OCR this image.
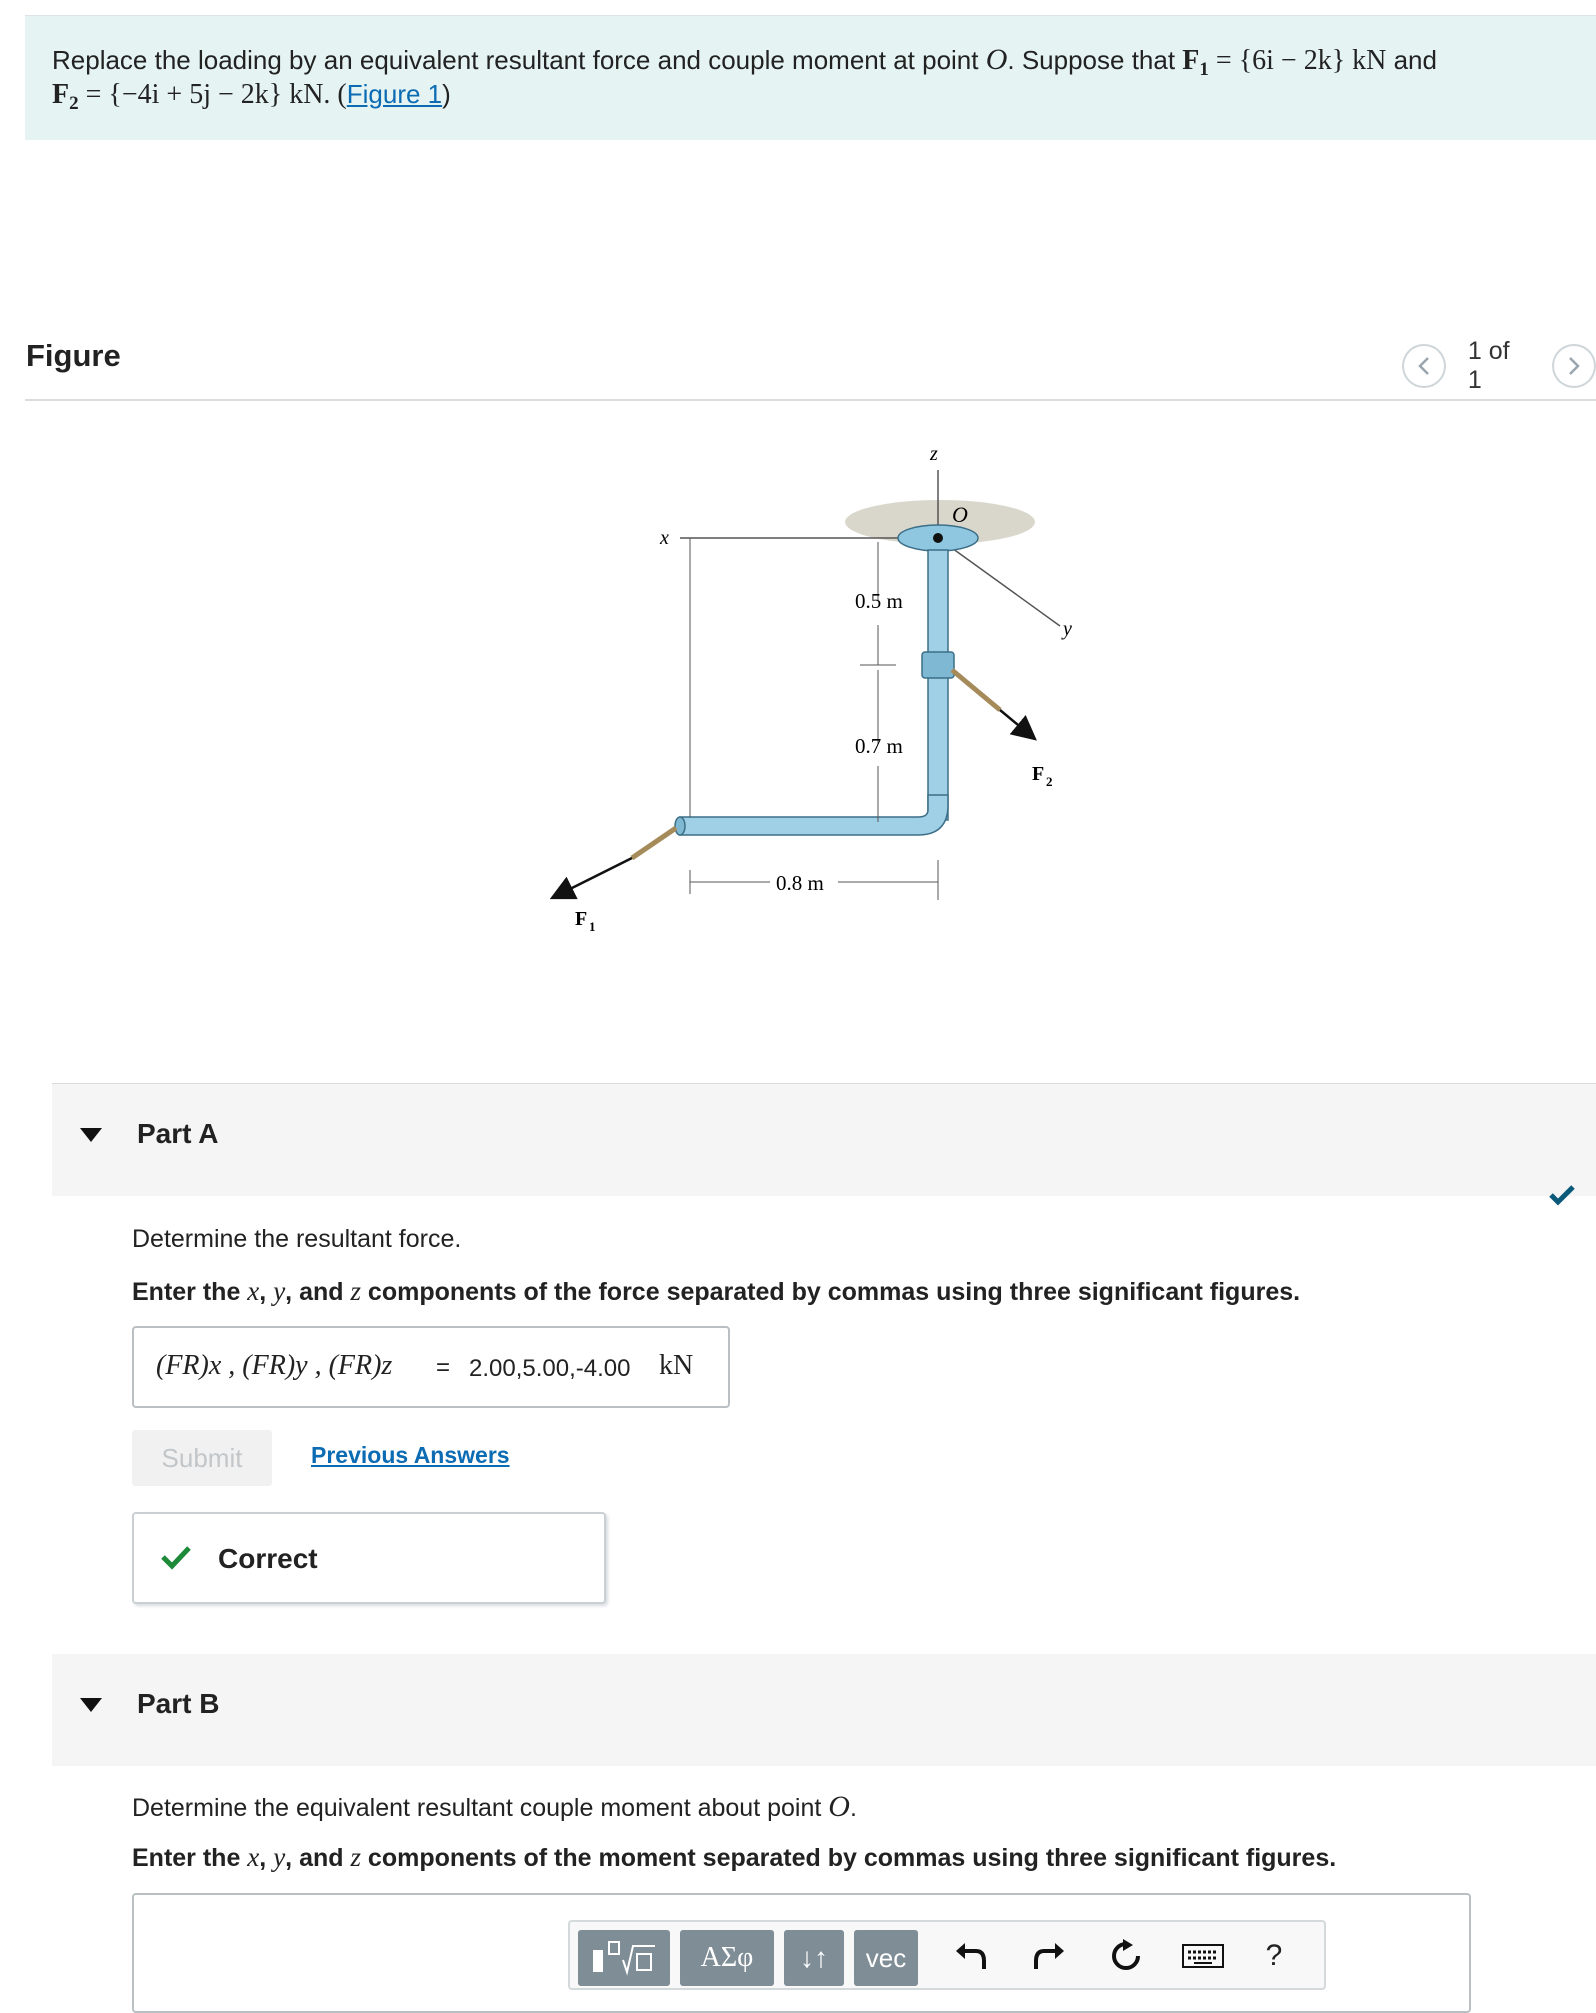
Replace the loading by an equivalent resultant force and couple moment at point O. Suppose that $F_1 = \{6i - 2k\}$ kN and
$F_2 = \{-4i + 5j - 2k\}$ kN. (Figure 1)
Figure	1 of 1
z
x
y
O
0.5 m
0.7 m
0.8 m
F 2
F 1
Part A
Determine the resultant force.
Enter the x, y, and z components of the force separated by commas using three significant figures.
(FR)x , (FR)y , (FR)z = 2.00,5.00,-4.00 kN
Submit	Previous Answers
Correct
Part B
Determine the equivalent resultant couple moment about point O.
Enter the x, y, and z components of the moment separated by commas using three significant figures.
ΑΣφ	↓↑	vec	?
